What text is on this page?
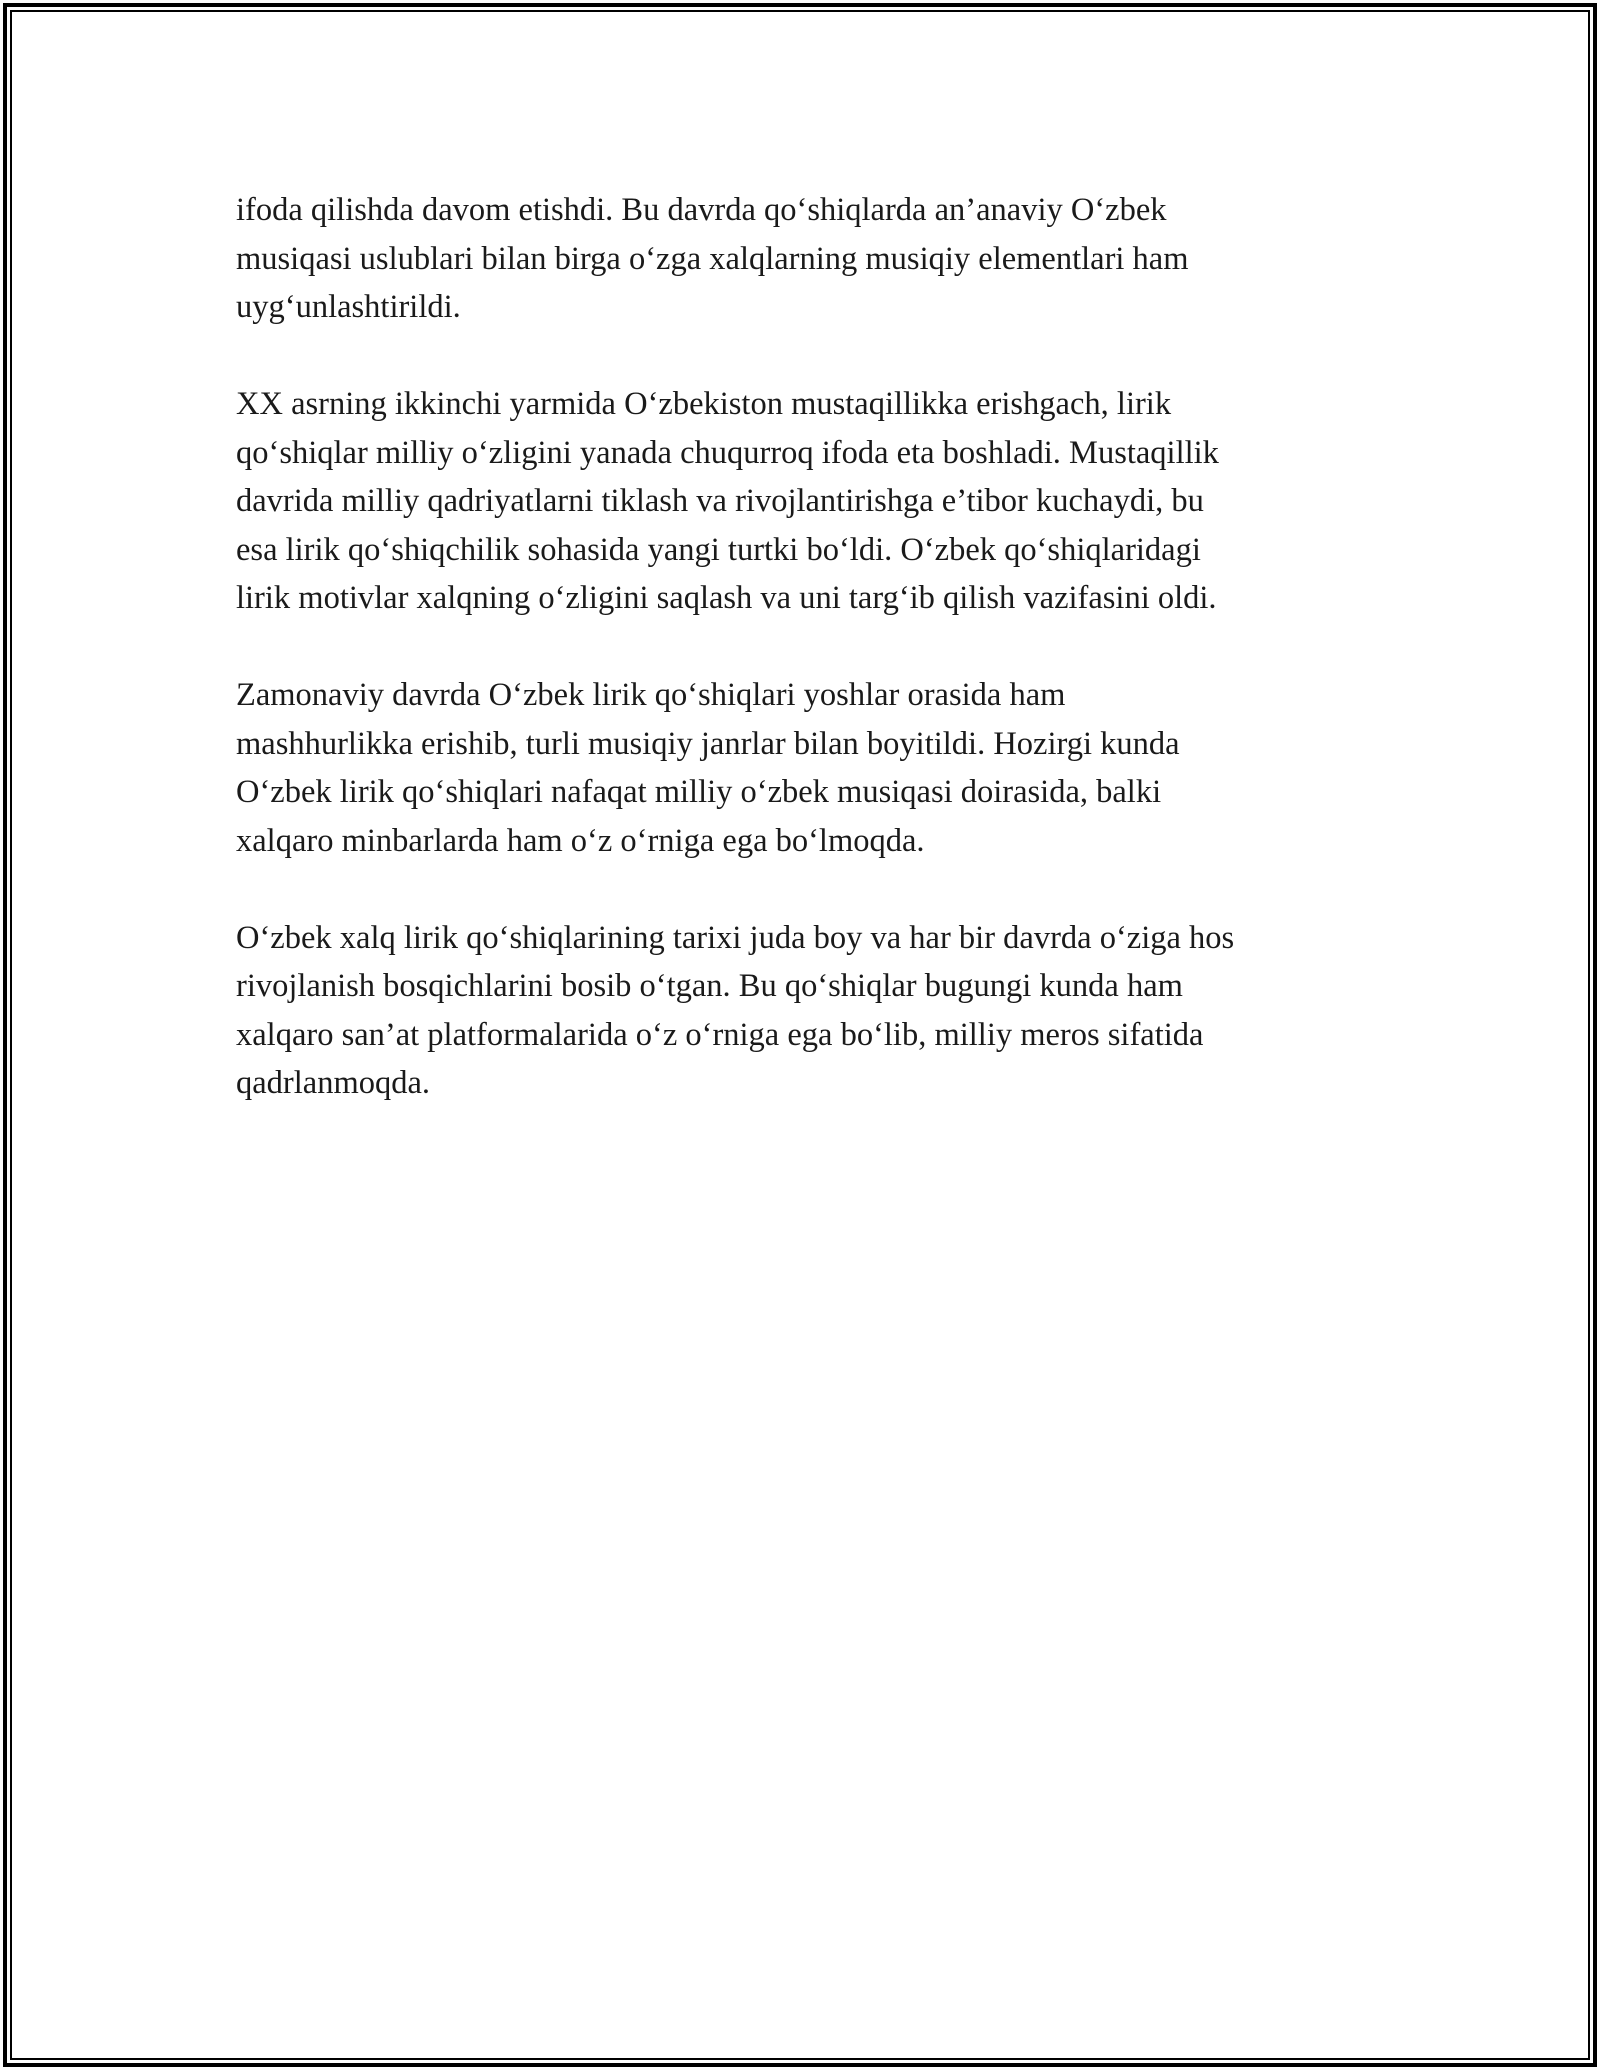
ifoda qilishda davom etishdi. Bu davrda qo‘shiqlarda an’anaviy O‘zbek
musiqasi uslublari bilan birga o‘zga xalqlarning musiqiy elementlari ham
uyg‘unlashtirildi.

XX asrning ikkinchi yarmida O‘zbekiston mustaqillikka erishgach, lirik
qo‘shiqlar milliy o‘zligini yanada chuqurroq ifoda eta boshladi. Mustaqillik
davrida milliy qadriyatlarni tiklash va rivojlantirishga e’tibor kuchaydi, bu
esa lirik qo‘shiqchilik sohasida yangi turtki bo‘ldi. O‘zbek qo‘shiqlaridagi
lirik motivlar xalqning o‘zligini saqlash va uni targ‘ib qilish vazifasini oldi.

Zamonaviy davrda O‘zbek lirik qo‘shiqlari yoshlar orasida ham
mashhurlikka erishib, turli musiqiy janrlar bilan boyitildi. Hozirgi kunda
O‘zbek lirik qo‘shiqlari nafaqat milliy o‘zbek musiqasi doirasida, balki
xalqaro minbarlarda ham o‘z o‘rniga ega bo‘lmoqda.

O‘zbek xalq lirik qo‘shiqlarining tarixi juda boy va har bir davrda o‘ziga hos
rivojlanish bosqichlarini bosib o‘tgan. Bu qo‘shiqlar bugungi kunda ham
xalqaro san’at platformalarida o‘z o‘rniga ega bo‘lib, milliy meros sifatida
qadrlanmoqda.
